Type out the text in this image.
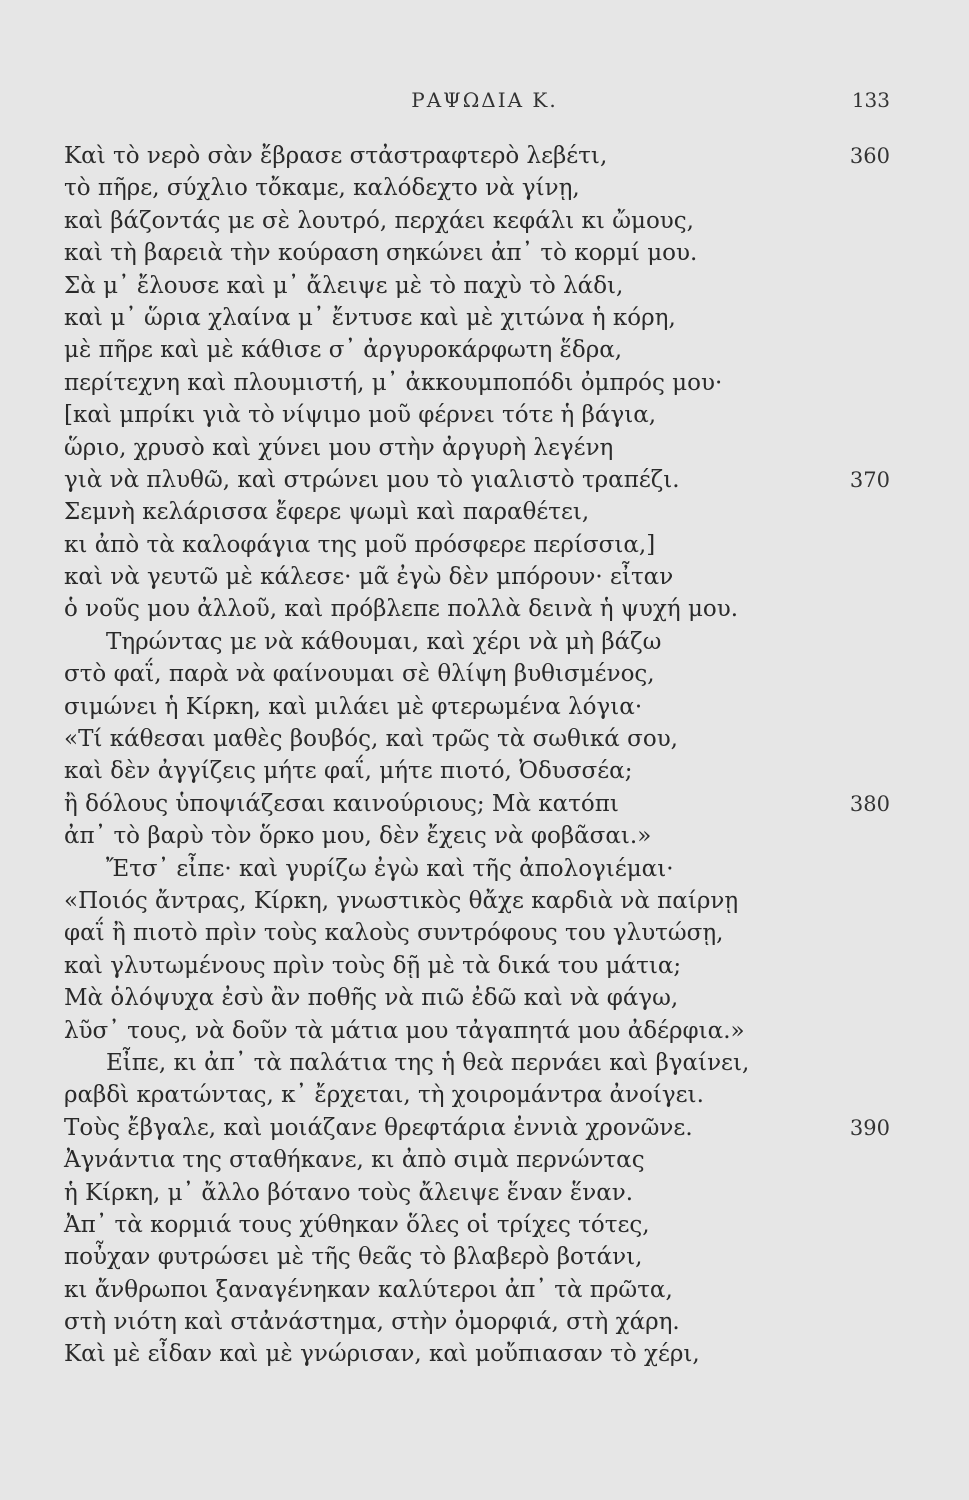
ΡΑΨΩΔΙΑ Κ.	133
Καὶ τὸ νερὸ σὰν ἔβρασε στἀστραφτερὸ λεβέτι,	360
τὸ πῆρε, σύχλιο τὄκαμε, καλόδεχτο νὰ γίνῃ,
καὶ βάζοντάς με σὲ λουτρό, περχάει κεφάλι κι ὤμους,
καὶ τὴ βαρειὰ τὴν κούραση σηκώνει ἀπ᾽ τὸ κορμί μου.
Σὰ μ᾽ ἔλουσε καὶ μ᾽ ἄλειψε μὲ τὸ παχὺ τὸ λάδι,
καὶ μ᾽ ὥρια χλαίνα μ᾽ ἔντυσε καὶ μὲ χιτώνα ἡ κόρη,
μὲ πῆρε καὶ μὲ κάθισε σ᾽ ἀργυροκάρφωτη ἕδρα,
περίτεχνη καὶ πλουμιστή, μ᾽ ἀκκουμποπόδι ὀμπρός μου·
[καὶ μπρίκι γιὰ τὸ νίψιμο μοῦ φέρνει τότε ἡ βάγια,
ὥριο, χρυσὸ καὶ χύνει μου στὴν ἀργυρὴ λεγένη
γιὰ νὰ πλυθῶ, καὶ στρώνει μου τὸ γιαλιστὸ τραπέζι.	370
Σεμνὴ κελάρισσα ἔφερε ψωμὶ καὶ παραθέτει,
κι ἀπὸ τὰ καλοφάγια της μοῦ πρόσφερε περίσσια,]
καὶ νὰ γευτῶ μὲ κάλεσε· μᾶ ἐγὼ δὲν μπόρουν· εἶταν
ὁ νοῦς μου ἀλλοῦ, καὶ πρόβλεπε πολλὰ δεινὰ ἡ ψυχή μου.
Τηρώντας με νὰ κάθουμαι, καὶ χέρι νὰ μὴ βάζω
στὸ φαΐ, παρὰ νὰ φαίνουμαι σὲ θλίψη βυθισμένος,
σιμώνει ἡ Κίρκη, καὶ μιλάει μὲ φτερωμένα λόγια·
«Τί κάθεσαι μαθὲς βουβός, καὶ τρῶς τὰ σωθικά σου,
καὶ δὲν ἀγγίζεις μήτε φαΐ, μήτε πιοτό, Ὀδυσσέα;
ἢ δόλους ὑποψιάζεσαι καινούριους; Μὰ κατόπι	380
ἀπ᾽ τὸ βαρὺ τὸν ὅρκο μου, δὲν ἔχεις νὰ φοβᾶσαι.»
Ἔτσ᾽ εἶπε· καὶ γυρίζω ἐγὼ καὶ τῆς ἀπολογιέμαι·
«Ποιός ἄντρας, Κίρκη, γνωστικὸς θἄχε καρδιὰ νὰ παίρνῃ
φαΐ ἢ πιοτὸ πρὶν τοὺς καλοὺς συντρόφους του γλυτώσῃ,
καὶ γλυτωμένους πρὶν τοὺς δῇ μὲ τὰ δικά του μάτια;
Μὰ ὁλόψυχα ἐσὺ ἂν ποθῆς νὰ πιῶ ἐδῶ καὶ νὰ φάγω,
λῦσ᾽ τους, νὰ δοῦν τὰ μάτια μου τἀγαπητά μου ἀδέρφια.»
Εἶπε, κι ἀπ᾽ τὰ παλάτια της ἡ θεὰ περνάει καὶ βγαίνει,
ραβδὶ κρατώντας, κ᾽ ἔρχεται, τὴ χοιρομάντρα ἀνοίγει.
Τοὺς ἔβγαλε, καὶ μοιάζανε θρεφτάρια ἐννιὰ χρονῶνε.	390
Ἀγνάντια της σταθήκανε, κι ἀπὸ σιμὰ περνώντας
ἡ Κίρκη, μ᾽ ἄλλο βότανο τοὺς ἄλειψε ἕναν ἕναν.
Ἀπ᾽ τὰ κορμιά τους χύθηκαν ὅλες οἱ τρίχες τότες,
ποὖχαν φυτρώσει μὲ τῆς θεᾶς τὸ βλαβερὸ βοτάνι,
κι ἄνθρωποι ξαναγένηκαν καλύτεροι ἀπ᾽ τὰ πρῶτα,
στὴ νιότη καὶ στἀνάστημα, στὴν ὀμορφιά, στὴ χάρη.
Καὶ μὲ εἶδαν καὶ μὲ γνώρισαν, καὶ μοὔπιασαν τὸ χέρι,
